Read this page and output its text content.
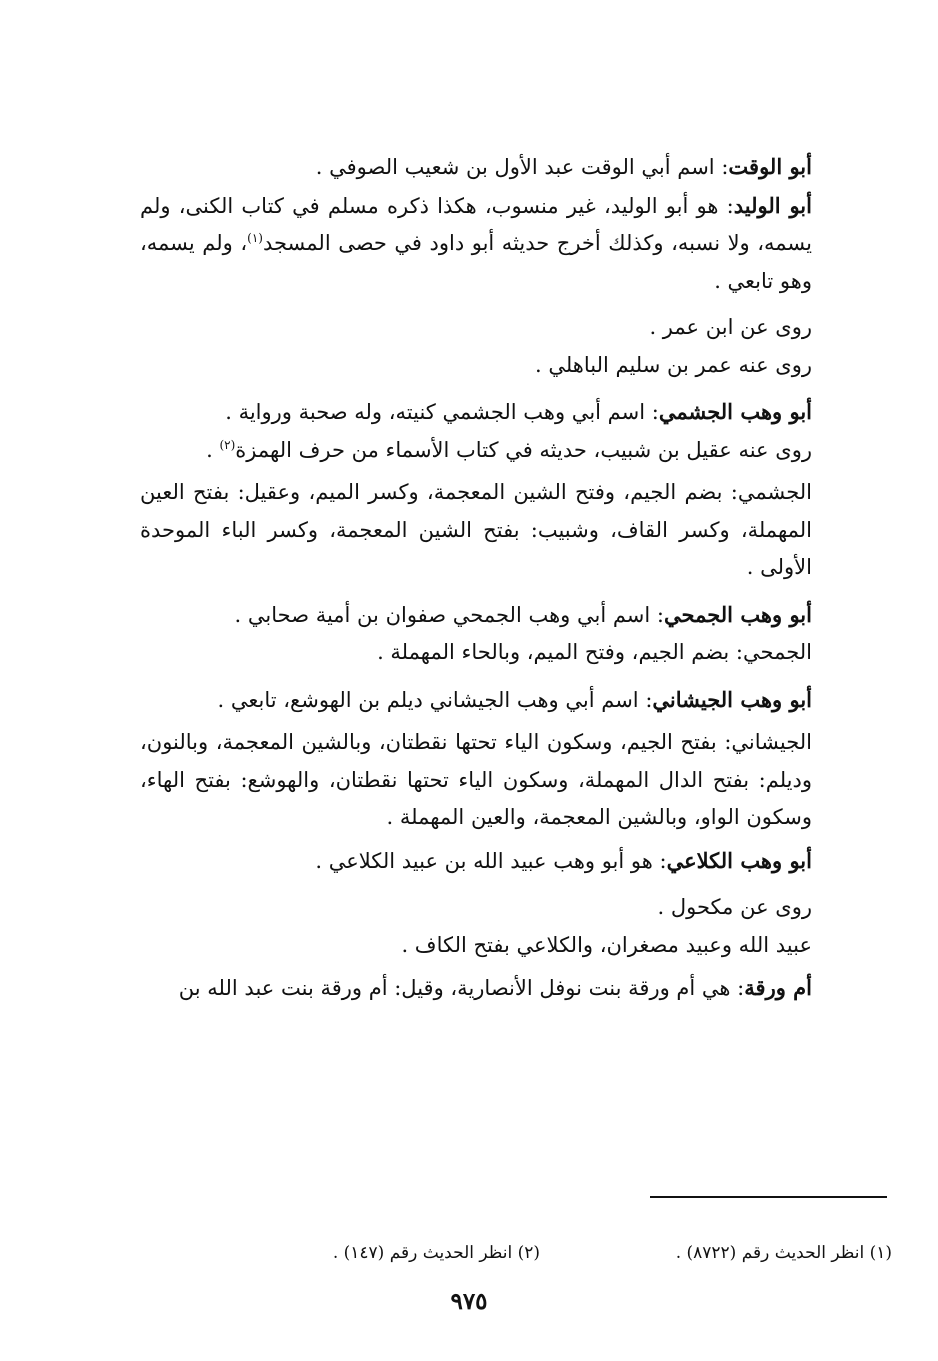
أبو الوقت: اسم أبي الوقت عبد الأول بن شعيب الصوفي .

أبو الوليد: هو أبو الوليد، غير منسوب، هكذا ذكره مسلم في كتاب الكنى، ولم يسمه، ولا نسبه، وكذلك أخرج حديثه أبو داود في حصى المسجد$^{(١)}$، ولم يسمه، وهو تابعي .

روى عن ابن عمر .

روى عنه عمر بن سليم الباهلي .

أبو وهب الجشمي: اسم أبي وهب الجشمي كنيته، وله صحبة ورواية .

روى عنه عقيل بن شبيب، حديثه في كتاب الأسماء من حرف الهمزة$^{(٢)}$ .

الجشمي: بضم الجيم، وفتح الشين المعجمة، وكسر الميم، وعقيل: بفتح العين المهملة، وكسر القاف، وشبيب: بفتح الشين المعجمة، وكسر الباء الموحدة الأولى .

أبو وهب الجمحي: اسم أبي وهب الجمحي صفوان بن أمية صحابي .

الجمحي: بضم الجيم، وفتح الميم، وبالحاء المهملة .

أبو وهب الجيشاني: اسم أبي وهب الجيشاني ديلم بن الهوشع، تابعي .

الجيشاني: بفتح الجيم، وسكون الياء تحتها نقطتان، وبالشين المعجمة، وبالنون، وديلم: بفتح الدال المهملة، وسكون الياء تحتها نقطتان، والهوشع: بفتح الهاء، وسكون الواو، وبالشين المعجمة، والعين المهملة .

أبو وهب الكلاعي: هو أبو وهب عبيد الله بن عبيد الكلاعي .

روى عن مكحول .

عبيد الله وعبيد مصغران، والكلاعي بفتح الكاف .

أم ورقة: هي أم ورقة بنت نوفل الأنصارية، وقيل: أم ورقة بنت عبد الله بن

(١) انظر الحديث رقم (٨٧٢٢) .
(٢) انظر الحديث رقم (١٤٧) .
٩٧٥
